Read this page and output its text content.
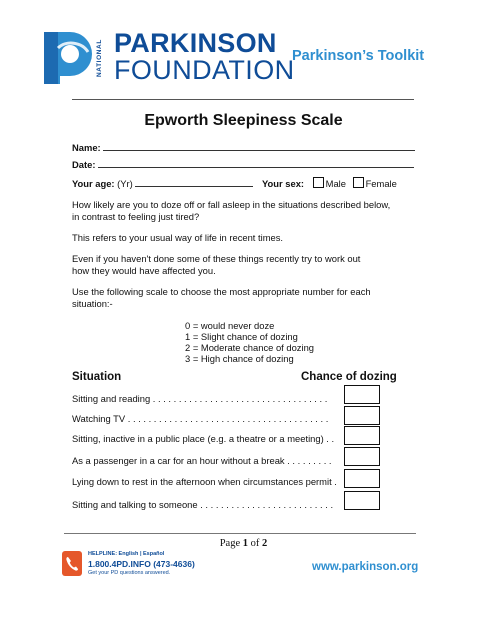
NATIONAL PARKINSON
FOUNDATION
Parkinson’s Toolkit
Epworth Sleepiness Scale
Name:
Date:
Your age: (Yr)	Your sex: Male Female
How likely are you to doze off or fall asleep in the situations described below,
in contrast to feeling just tired?
This refers to your usual way of life in recent times.
Even if you haven't done some of these things recently try to work out
how they would have affected you.
Use the following scale to choose the most appropriate number for each
situation:-
0 = would never doze
1 = Slight chance of dozing
2 = Moderate chance of dozing
3 = High chance of dozing
Situation	Chance of dozing
Sitting and reading . . . . . . . . . . . . . . . . . . . . . . . . . . . . . . . . . .
Watching TV . . . . . . . . . . . . . . . . . . . . . . . . . . . . . . . . . . . . . . .
Sitting, inactive in a public place (e.g. a theatre or a meeting) . .
As a passenger in a car for an hour without a break . . . . . . . . .
Lying down to rest in the afternoon when circumstances permit .
Sitting and talking to someone . . . . . . . . . . . . . . . . . . . . . . . . . .
Page 1 of 2
HELPLINE: English | Español
1.800.4PD.INFO (473-4636)
Get your PD questions answered.	www.parkinson.org
